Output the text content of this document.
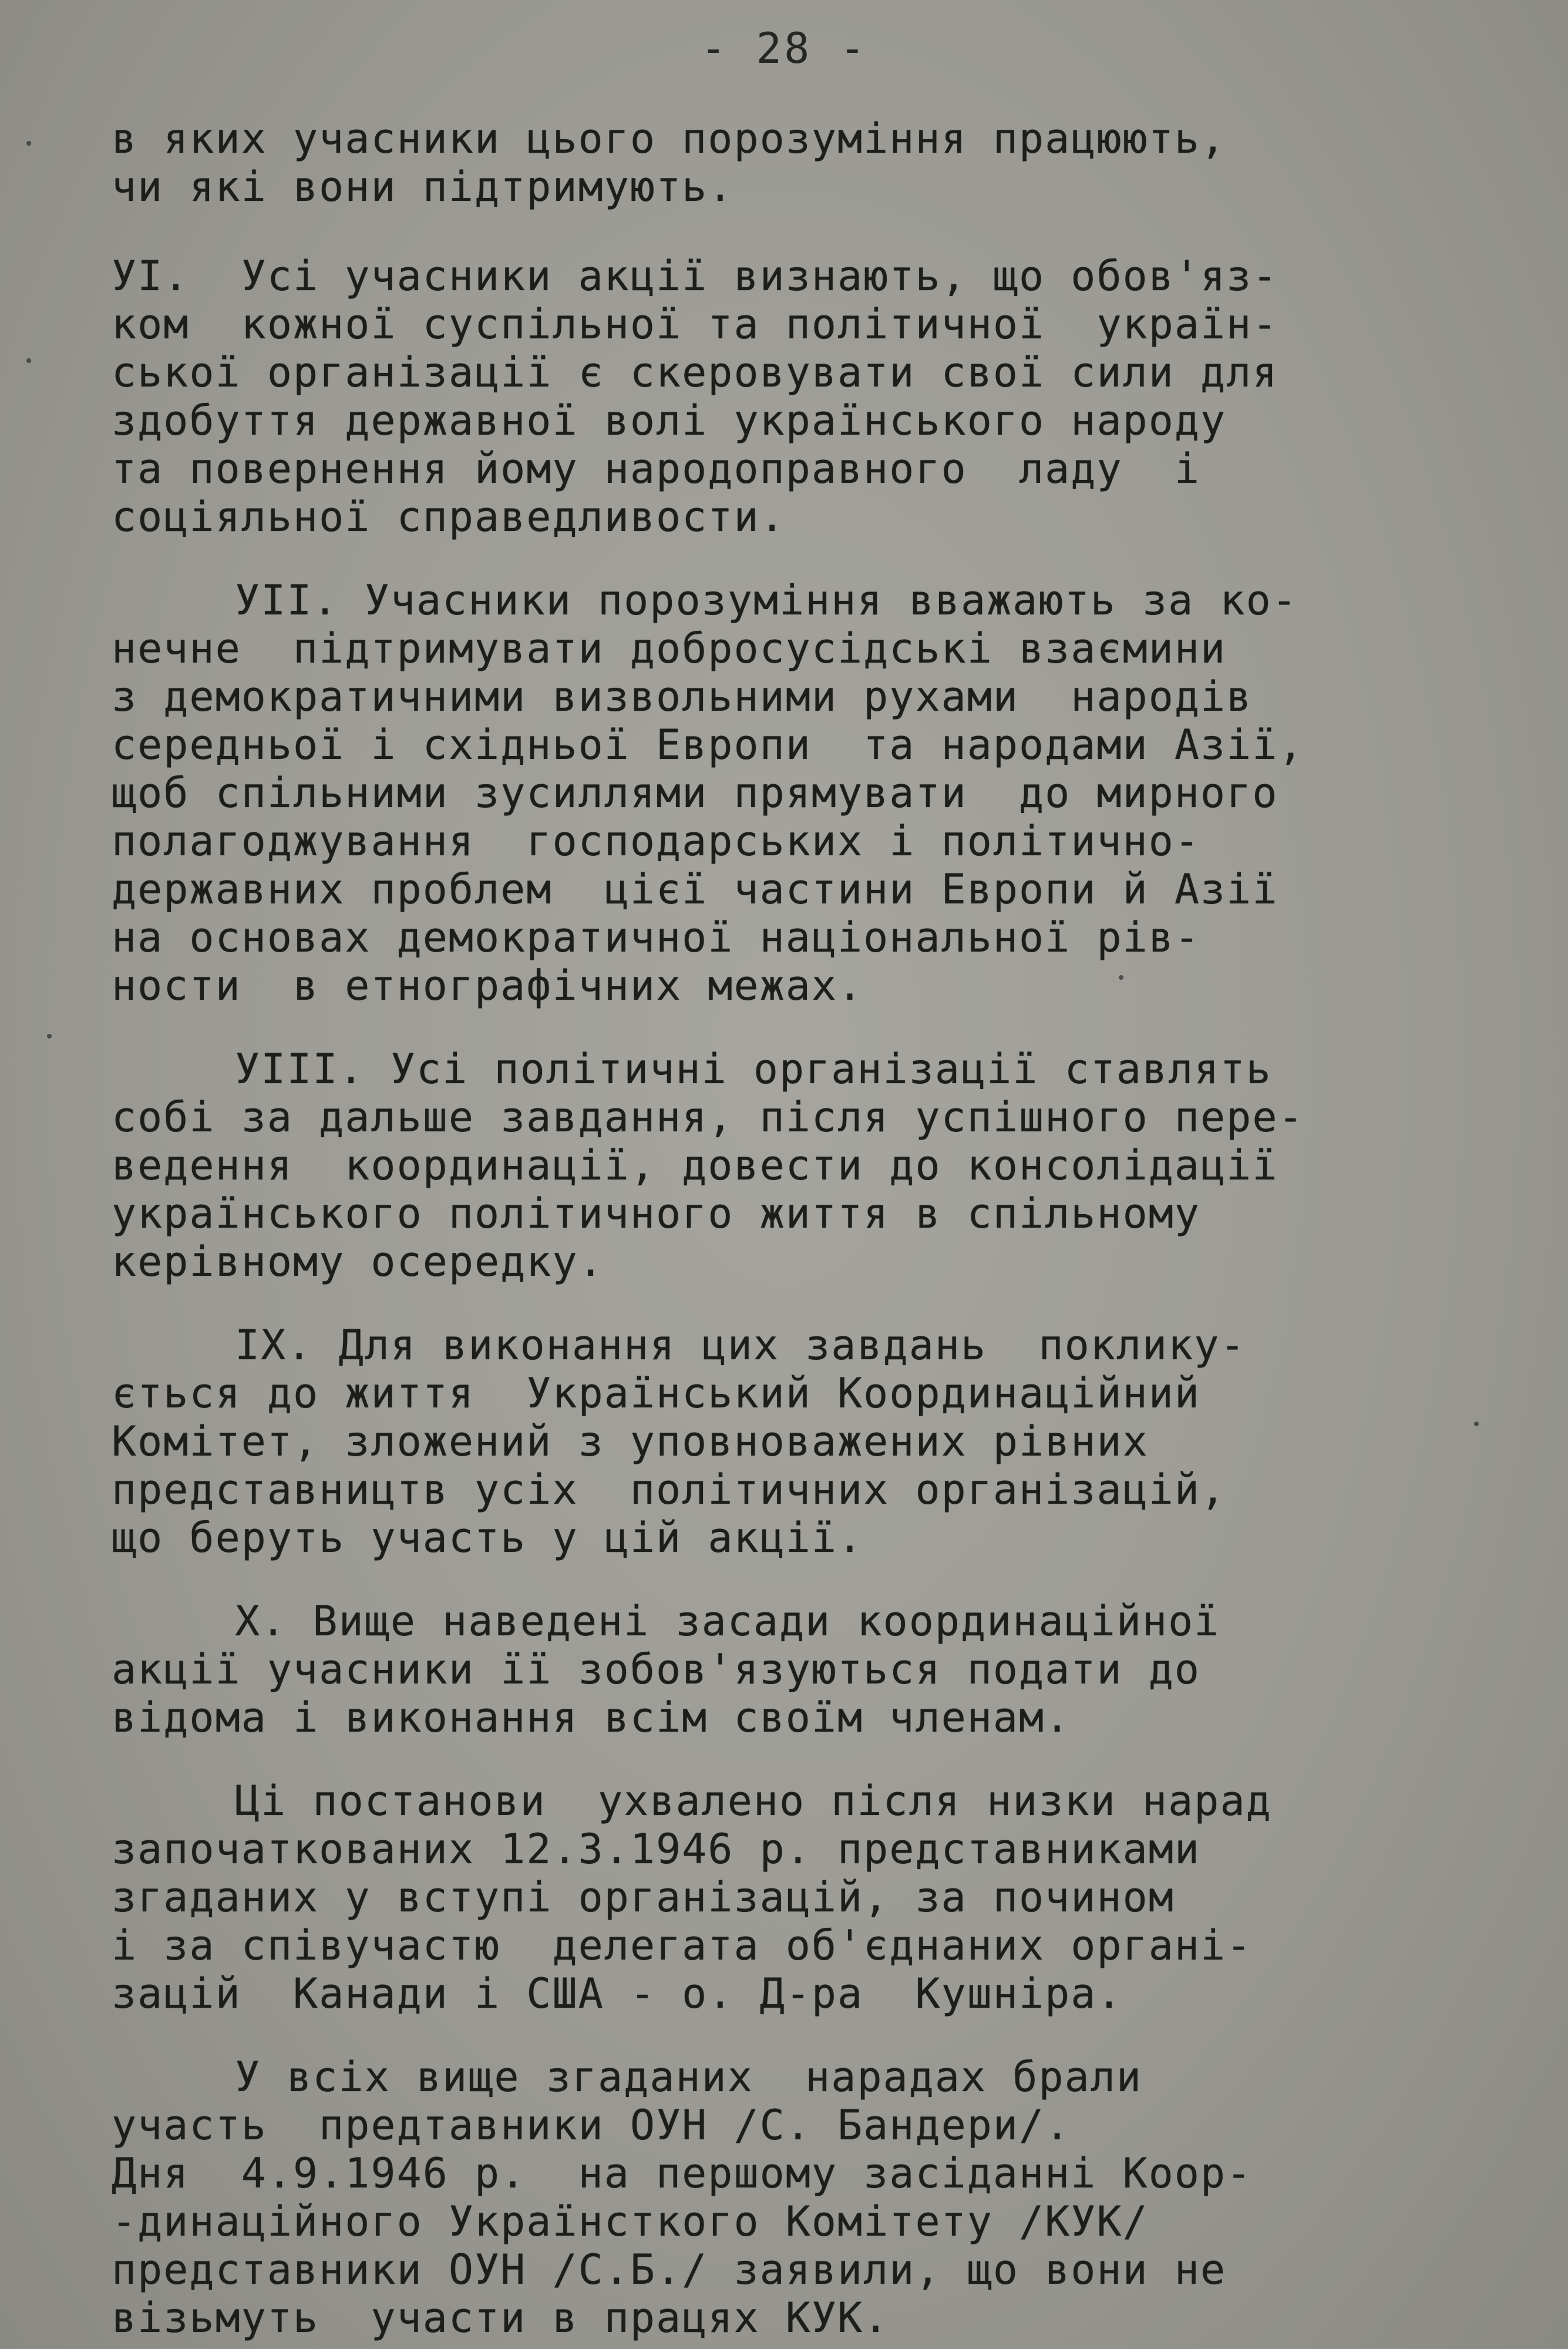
- 28 -
в яких учасники цього порозуміння працюють,
чи які вони підтримують.
УІ.  Усі учасники акції визнають, що обов'яз-
ком  кожної суспільної та політичної  україн-
ської організації є скеровувати свої сили для
здобуття державної волі українського народу
та повернення йому народоправного  ладу  і
соціяльної справедливости.
УІІ. Учасники порозуміння вважають за ко-
нечне  підтримувати добросусідські взаємини
з демократичними визвольними рухами  народів
середньої і східньої Европи  та народами Азії,
щоб спільними зусиллями прямувати  до мирного
полагоджування  господарських і політично-
державних проблем  цієї частини Европи й Азії
на основах демократичної національної рів-
ности  в етнографічних межах.
УІІІ. Усі політичні організації ставлять
собі за дальше завдання, після успішного пере-
ведення  координації, довести до консолідації
українського політичного життя в спільному
керівному осередку.
ІХ. Для виконання цих завдань  поклику-
ється до життя  Український Координаційний
Комітет, зложений з уповноважених рівних
представництв усіх  політичних організацій,
що беруть участь у цій акції.
Х. Вище наведені засади координаційної
акції учасники її зобов'язуються подати до
відома і виконання всім своїм членам.
Ці постанови  ухвалено після низки нарад
започаткованих 12.3.1946 р. представниками
згаданих у вступі організацій, за почином
і за співучастю  делегата об'єднаних органі-
зацій  Канади і США - о. Д-ра  Кушніра.
У всіх вище згаданих  нарадах брали
участь  предтавники ОУН /С. Бандери/.
Дня  4.9.1946 р.  на першому засіданні Коор-
-динаційного Українсткого Комітету /КУК/
представники ОУН /С.Б./ заявили, що вони не
візьмуть  участи в працях КУК.
